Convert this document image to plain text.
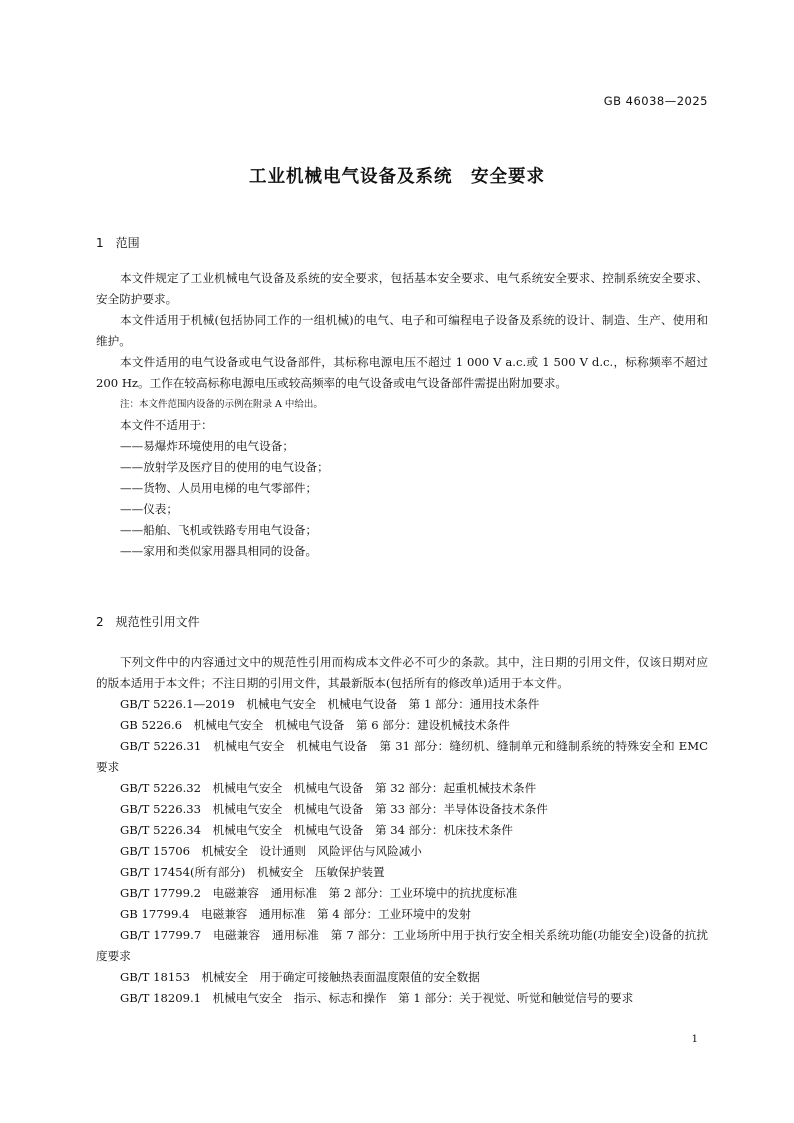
GB 46038—2025
工业机械电气设备及系统　安全要求
1　范围

本文件规定了工业机械电气设备及系统的安全要求，包括基本安全要求、电气系统安全要求、控制系统安全要求、安全防护要求。

本文件适用于机械(包括协同工作的一组机械)的电气、电子和可编程电子设备及系统的设计、制造、生产、使用和维护。

本文件适用的电气设备或电气设备部件，其标称电源电压不超过 1 000 V a.c.或 1 500 V d.c.，标称频率不超过 200 Hz。工作在较高标称电源电压或较高频率的电气设备或电气设备部件需提出附加要求。

注：本文件范围内设备的示例在附录 A 中给出。

本文件不适用于：

——易爆炸环境使用的电气设备；

——放射学及医疗目的使用的电气设备；

——货物、人员用电梯的电气零部件；

——仪表；

——船舶、飞机或铁路专用电气设备；

——家用和类似家用器具相同的设备。

2　规范性引用文件

下列文件中的内容通过文中的规范性引用而构成本文件必不可少的条款。其中，注日期的引用文件，仅该日期对应的版本适用于本文件；不注日期的引用文件，其最新版本(包括所有的修改单)适用于本文件。

GB/T 5226.1—2019　机械电气安全　机械电气设备　第 1 部分：通用技术条件

GB 5226.6　机械电气安全　机械电气设备　第 6 部分：建设机械技术条件

GB/T 5226.31　机械电气安全　机械电气设备　第 31 部分：缝纫机、缝制单元和缝制系统的特殊安全和 EMC 要求

GB/T 5226.32　机械电气安全　机械电气设备　第 32 部分：起重机械技术条件

GB/T 5226.33　机械电气安全　机械电气设备　第 33 部分：半导体设备技术条件

GB/T 5226.34　机械电气安全　机械电气设备　第 34 部分：机床技术条件

GB/T 15706　机械安全　设计通则　风险评估与风险减小

GB/T 17454(所有部分)　机械安全　压敏保护装置

GB/T 17799.2　电磁兼容　通用标准　第 2 部分：工业环境中的抗扰度标准

GB 17799.4　电磁兼容　通用标准　第 4 部分：工业环境中的发射

GB/T 17799.7　电磁兼容　通用标准　第 7 部分：工业场所中用于执行安全相关系统功能(功能安全)设备的抗扰度要求

GB/T 18153　机械安全　用于确定可接触热表面温度限值的安全数据

GB/T 18209.1　机械电气安全　指示、标志和操作　第 1 部分：关于视觉、听觉和触觉信号的要求

1
